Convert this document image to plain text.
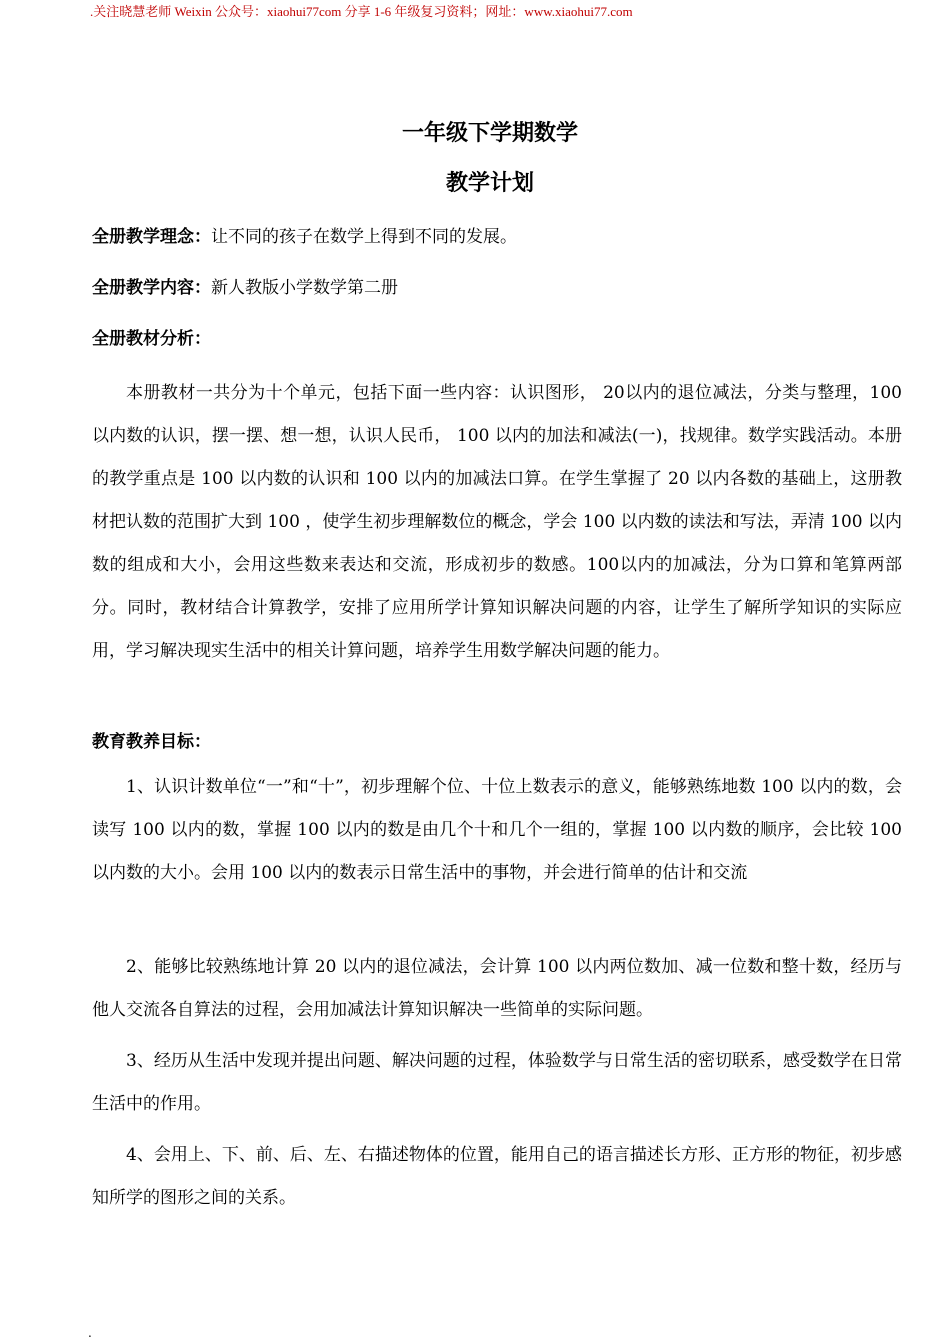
.关注晓慧老师 Weixin 公众号：xiaohui77com 分享 1-6 年级复习资料；网址：www.xiaohui77.com
一年级下学期数学
教学计划
全册教学理念：让不同的孩子在数学上得到不同的发展。
全册教学内容：新人教版小学数学第二册
全册教材分析：

本册教材一共分为十个单元，包括下面一些内容：认识图形， 20以内的退位减法，分类与整理，100 以内数的认识，摆一摆、想一想，认识人民币， 100 以内的加法和减法(一)，找规律。数学实践活动。本册的教学重点是 100 以内数的认识和 100 以内的加减法口算。在学生掌握了 20 以内各数的基础上，这册教材把认数的范围扩大到 100 ，使学生初步理解数位的概念，学会 100 以内数的读法和写法，弄清 100 以内数的组成和大小，会用这些数来表达和交流，形成初步的数感。100以内的加减法，分为口算和笔算两部分。同时，教材结合计算教学，安排了应用所学计算知识解决问题的内容，让学生了解所学知识的实际应用，学习解决现实生活中的相关计算问题，培养学生用数学解决问题的能力。

教育教养目标：

1、认识计数单位“一”和“十”，初步理解个位、十位上数表示的意义，能够熟练地数 100 以内的数，会读写 100 以内的数，掌握 100 以内的数是由几个十和几个一组的，掌握 100 以内数的顺序，会比较 100 以内数的大小。会用 100 以内的数表示日常生活中的事物，并会进行简单的估计和交流

2、能够比较熟练地计算 20 以内的退位减法，会计算 100 以内两位数加、减一位数和整十数，经历与他人交流各自算法的过程，会用加减法计算知识解决一些简单的实际问题。

3、经历从生活中发现并提出问题、解决问题的过程，体验数学与日常生活的密切联系，感受数学在日常生活中的作用。

4、会用上、下、前、后、左、右描述物体的位置，能用自己的语言描述长方形、正方形的物征，初步感知所学的图形之间的关系。

.
